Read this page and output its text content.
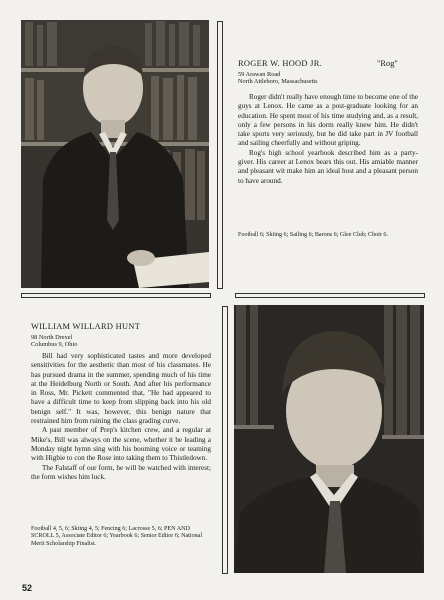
ROGER W. HOOD JR.	"Rog"
59 Arawan Road
North Attleboro, Massachusetts

Roger didn't really have enough time to become one of the guys at Lenox. He came as a post-graduate looking for an education. He spent most of his time studying and, as a result, only a few persons in his dorm really knew him. He didn't take sports very seriously, but he did take part in JV football and sailing cheerfully and without griping.

Rog's high school yearbook described him as a party-giver. His career at Lenox bears this out. His amiable manner and pleasant wit make him an ideal host and a pleasant person to have around.

Football 6; Skiing 6; Sailing 6; Barons 6; Glee Club; Choir 6.
WILLIAM WILLARD HUNT
98 North Drexel
Columbus 9, Ohio

Bill had very sophisticated tastes and more developed sensitivities for the aesthetic than most of his classmates. He has pursued drama in the summer, spending much of his time at the Heidelburg North or South. And after his performance in Ross, Mr. Pickett commented that, "He had appeared to have a difficult time to keep from slipping back into his old benign self." It was, however, this benign nature that restrained him from ruining the class grading curve.

A past member of Prep's kitchen crew, and a regular at Mike's, Bill was always on the scene, whether it be leading a Monday night hymn sing with his booming voice or teaming with Higbie to con the Rose into taking them to Thistledown.

The Falstaff of our form, he will be watched with interest; the form wishes him luck.

Football 4, 5, 6; Skiing 4, 5; Fencing 6; Lacrosse 5, 6; PEN AND SCROLL 5, Associate Editor 6; Yearbook 6; Senior Editor 6; National Merit Scholarship Finalist.
52
